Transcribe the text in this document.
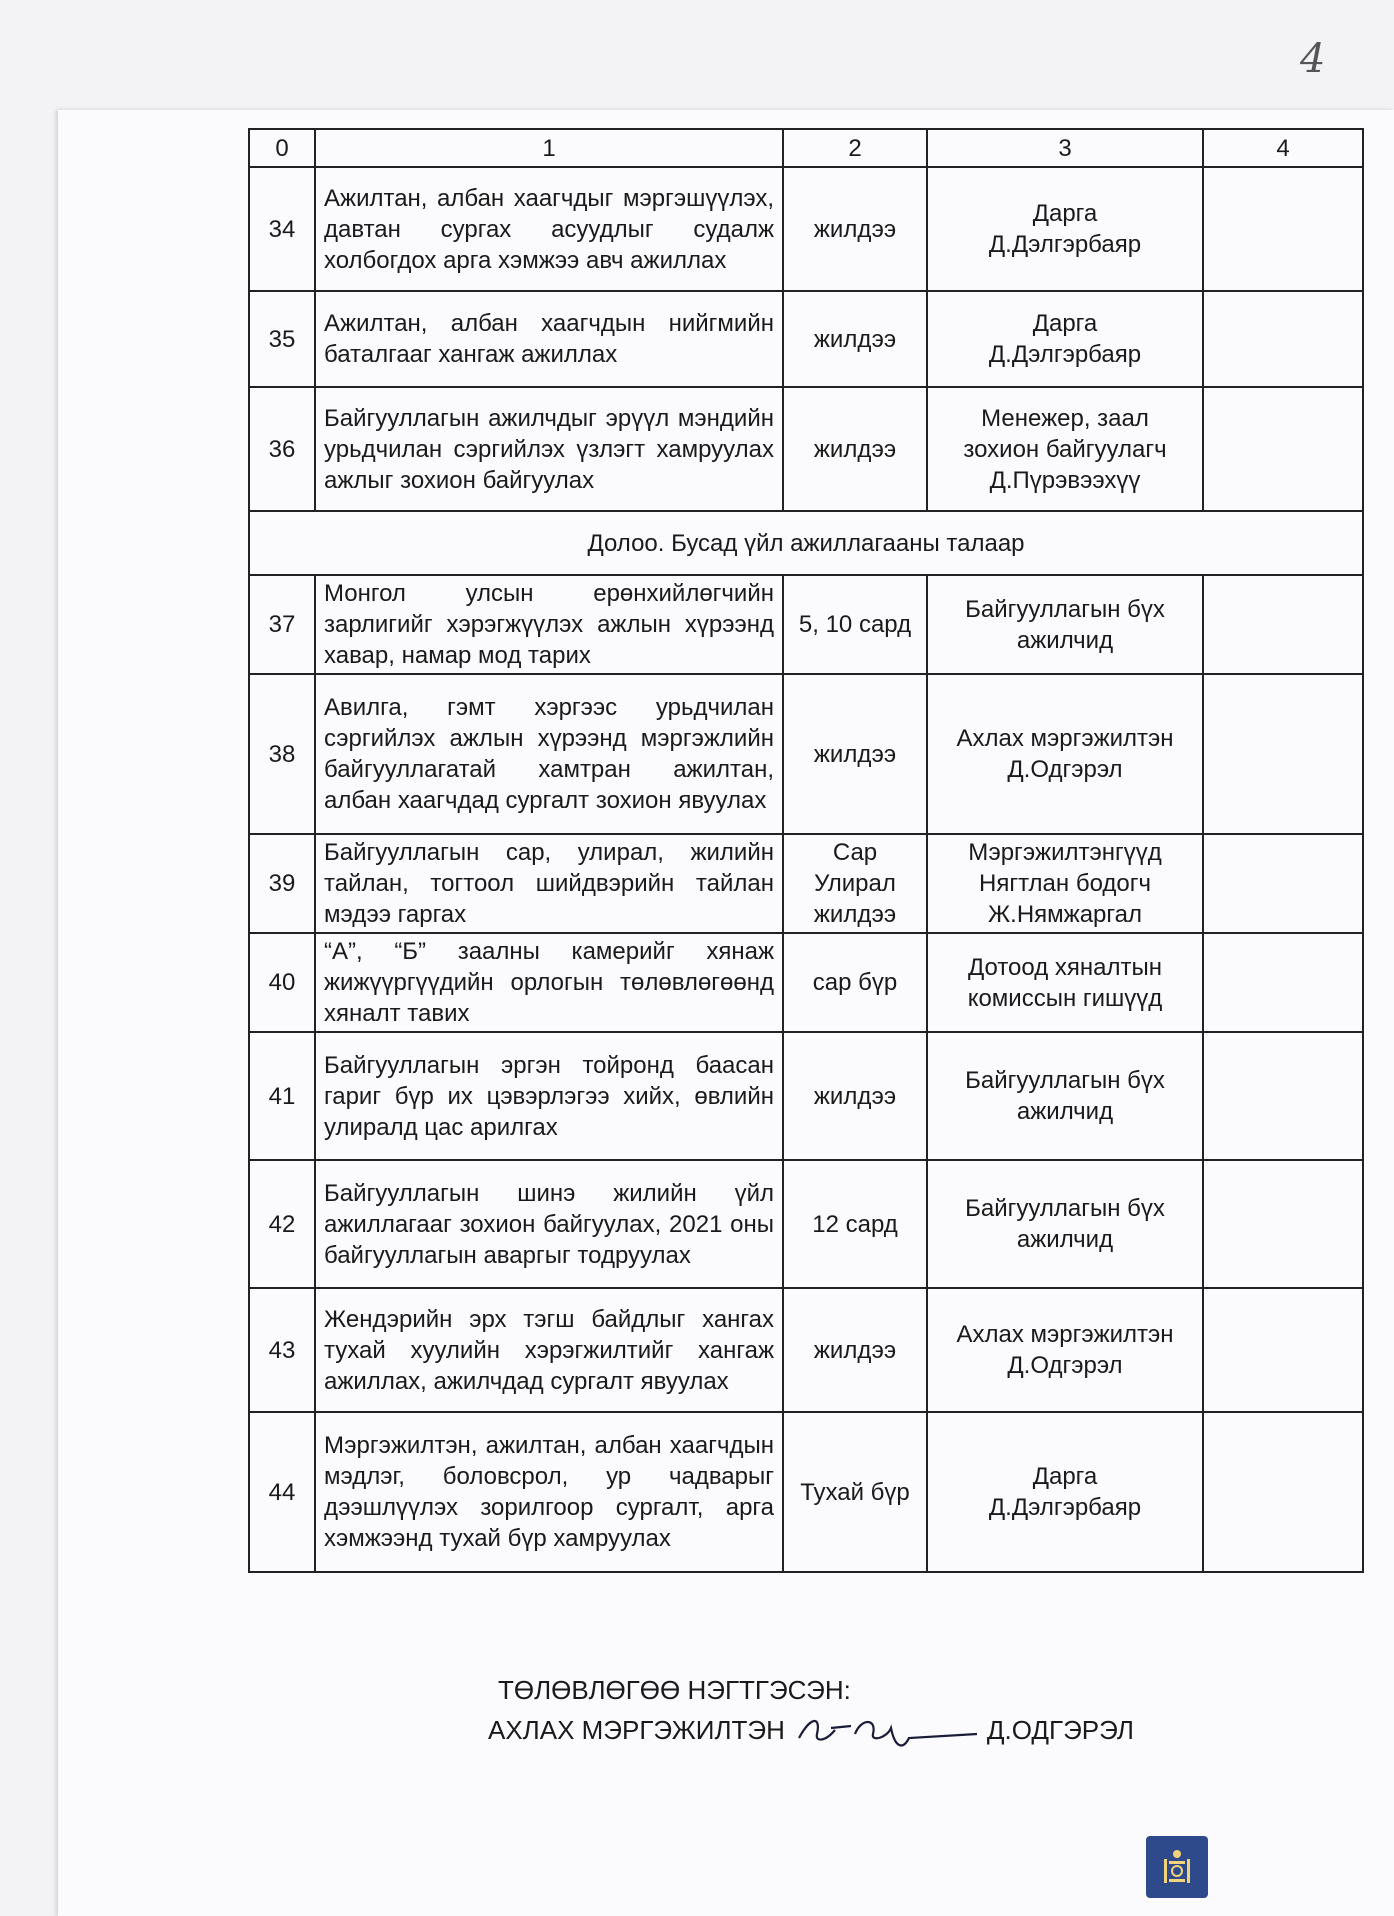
4
0	1	2	3	4
34	Ажилтан, албан хаагчдыг мэргэшүүлэх, давтан сургах асуудлыг судалж холбогдох арга хэмжээ авч ажиллах	жилдээ	Дарга
Д.Дэлгэрбаяр	

35	Ажилтан, албан хаагчдын нийгмийн баталгааг хангаж ажиллах	жилдээ	Дарга
Д.Дэлгэрбаяр	

36	Байгууллагын ажилчдыг эрүүл мэндийн урьдчилан сэргийлэх үзлэгт хамруулах ажлыг зохион байгуулах	жилдээ	Менежер, заал
зохион байгуулагч
Д.Пүрэвээхүү	

Долоо. Бусад үйл ажиллагааны талаар				
37	Монгол улсын ерөнхийлөгчийн зарлигийг хэрэгжүүлэх ажлын хүрээнд хавар, намар мод тарих	5, 10 сард	Байгууллагын бүх
ажилчид	

38	Авилга, гэмт хэргээс урьдчилан сэргийлэх ажлын хүрээнд мэргэжлийн байгууллагатай хамтран ажилтан, албан хаагчдад сургалт зохион явуулах	жилдээ	Ахлах мэргэжилтэн
Д.Одгэрэл	

39	Байгууллагын сар, улирал, жилийн тайлан, тогтоол шийдвэрийн тайлан мэдээ гаргах	Сар Улирал жилдээ	Мэргэжилтэнгүүд
Нягтлан бодогч
Ж.Нямжаргал	

40	“А”, “Б” заалны камерийг хянаж жижүүргүүдийн орлогын төлөвлөгөөнд хяналт тавих	сар бүр	Дотоод хяналтын
комиссын гишүүд	

41	Байгууллагын эргэн тойронд баасан гариг бүр их цэвэрлэгээ хийх, өвлийн улиралд цас арилгах	жилдээ	Байгууллагын бүх
ажилчид	

42	Байгууллагын шинэ жилийн үйл ажиллагааг зохион байгуулах, 2021 оны байгууллагын аваргыг тодруулах	12 сард	Байгууллагын бүх
ажилчид	

43	Жендэрийн эрх тэгш байдлыг хангах тухай хуулийн хэрэгжилтийг хангаж ажиллах, ажилчдад сургалт явуулах	жилдээ	Ахлах мэргэжилтэн
Д.Одгэрэл	

44	Мэргэжилтэн, ажилтан, албан хаагчдын мэдлэг, боловсрол, ур чадварыг дээшлүүлэх зорилгоор сургалт, арга хэмжээнд тухай бүр хамруулах	Тухай бүр	Дарга
Д.Дэлгэрбаяр	

ТӨЛӨВЛӨГӨӨ НЭГТГЭСЭН:
АХЛАХ МЭРГЭЖИЛТЭН	Д.ОДГЭРЭЛ
